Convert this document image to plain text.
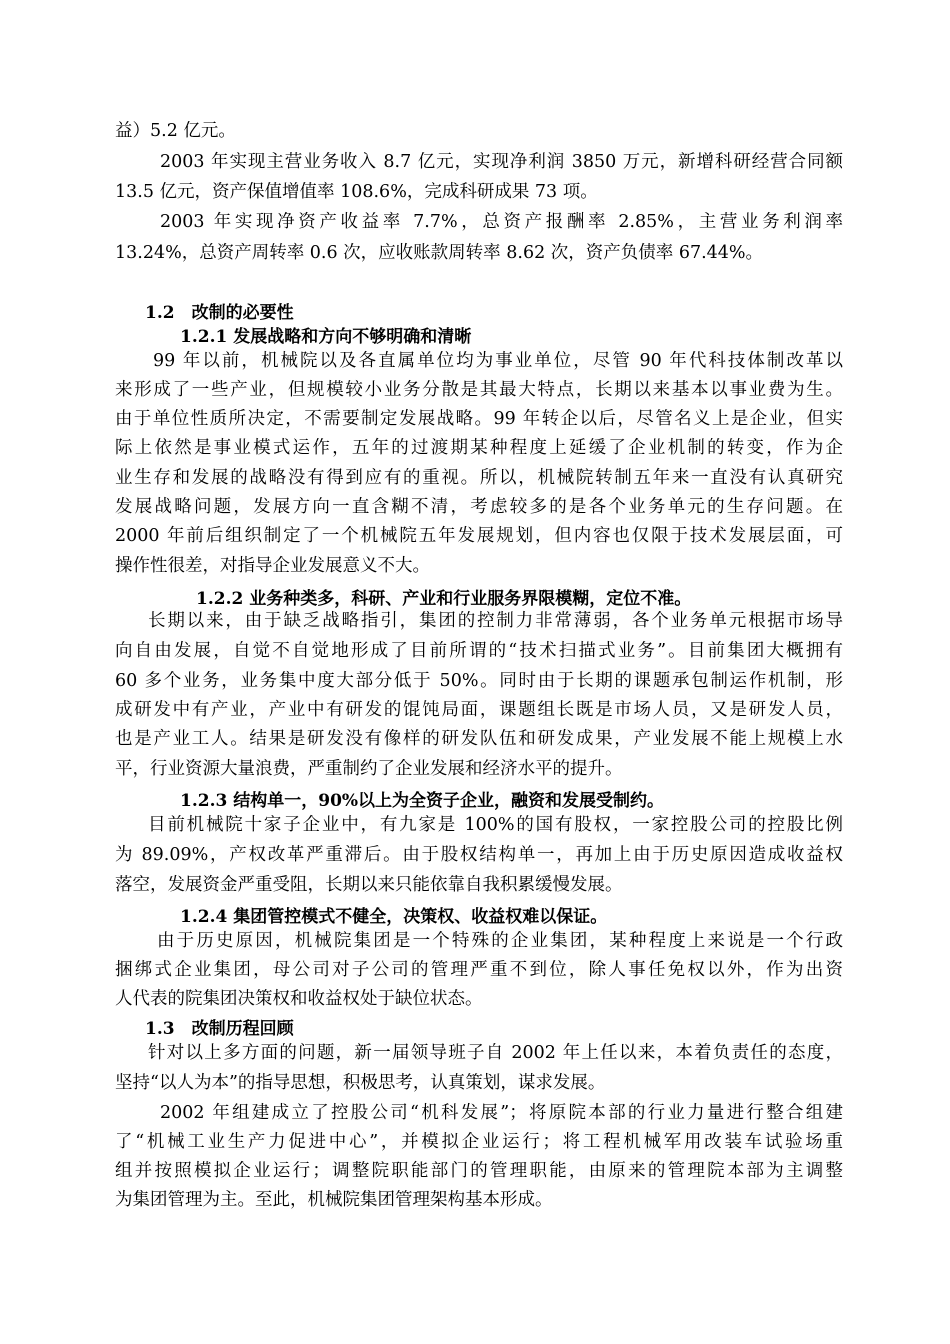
益）5.2 亿元。
2003 年实现主营业务收入 8.7 亿元，实现净利润 3850 万元，新增科研经营合同额
13.5 亿元，资产保值增值率 108.6%，完成科研成果 73 项。
2003 年实现净资产收益率 7.7%，总资产报酬率 2.85%，主营业务利润率
13.24%，总资产周转率 0.6 次，应收账款周转率 8.62 次，资产负债率 67.44%。
1.2　改制的必要性
1.2.1 发展战略和方向不够明确和清晰
99 年以前，机械院以及各直属单位均为事业单位，尽管 90 年代科技体制改革以
来形成了一些产业，但规模较小业务分散是其最大特点，长期以来基本以事业费为生。
由于单位性质所决定，不需要制定发展战略。99 年转企以后，尽管名义上是企业，但实
际上依然是事业模式运作，五年的过渡期某种程度上延缓了企业机制的转变，作为企
业生存和发展的战略没有得到应有的重视。所以，机械院转制五年来一直没有认真研究
发展战略问题，发展方向一直含糊不清，考虑较多的是各个业务单元的生存问题。在
2000 年前后组织制定了一个机械院五年发展规划，但内容也仅限于技术发展层面，可
操作性很差，对指导企业发展意义不大。
1.2.2 业务种类多，科研、产业和行业服务界限模糊，定位不准。
长期以来，由于缺乏战略指引，集团的控制力非常薄弱，各个业务单元根据市场导
向自由发展，自觉不自觉地形成了目前所谓的“技术扫描式业务”。目前集团大概拥有
60 多个业务，业务集中度大部分低于 50%。同时由于长期的课题承包制运作机制，形
成研发中有产业，产业中有研发的馄饨局面，课题组长既是市场人员，又是研发人员，
也是产业工人。结果是研发没有像样的研发队伍和研发成果，产业发展不能上规模上水
平，行业资源大量浪费，严重制约了企业发展和经济水平的提升。
1.2.3 结构单一，90%以上为全资子企业，融资和发展受制约。
目前机械院十家子企业中，有九家是 100%的国有股权，一家控股公司的控股比例
为 89.09%，产权改革严重滞后。由于股权结构单一，再加上由于历史原因造成收益权
落空，发展资金严重受阻，长期以来只能依靠自我积累缓慢发展。
1.2.4 集团管控模式不健全，决策权、收益权难以保证。
由于历史原因，机械院集团是一个特殊的企业集团，某种程度上来说是一个行政
捆绑式企业集团，母公司对子公司的管理严重不到位，除人事任免权以外，作为出资
人代表的院集团决策权和收益权处于缺位状态。
1.3　改制历程回顾
针对以上多方面的问题，新一届领导班子自 2002 年上任以来，本着负责任的态度，
坚持“以人为本”的指导思想，积极思考，认真策划，谋求发展。
2002 年组建成立了控股公司“机科发展”；将原院本部的行业力量进行整合组建
了“机械工业生产力促进中心”，并模拟企业运行；将工程机械军用改装车试验场重
组并按照模拟企业运行；调整院职能部门的管理职能，由原来的管理院本部为主调整
为集团管理为主。至此，机械院集团管理架构基本形成。
